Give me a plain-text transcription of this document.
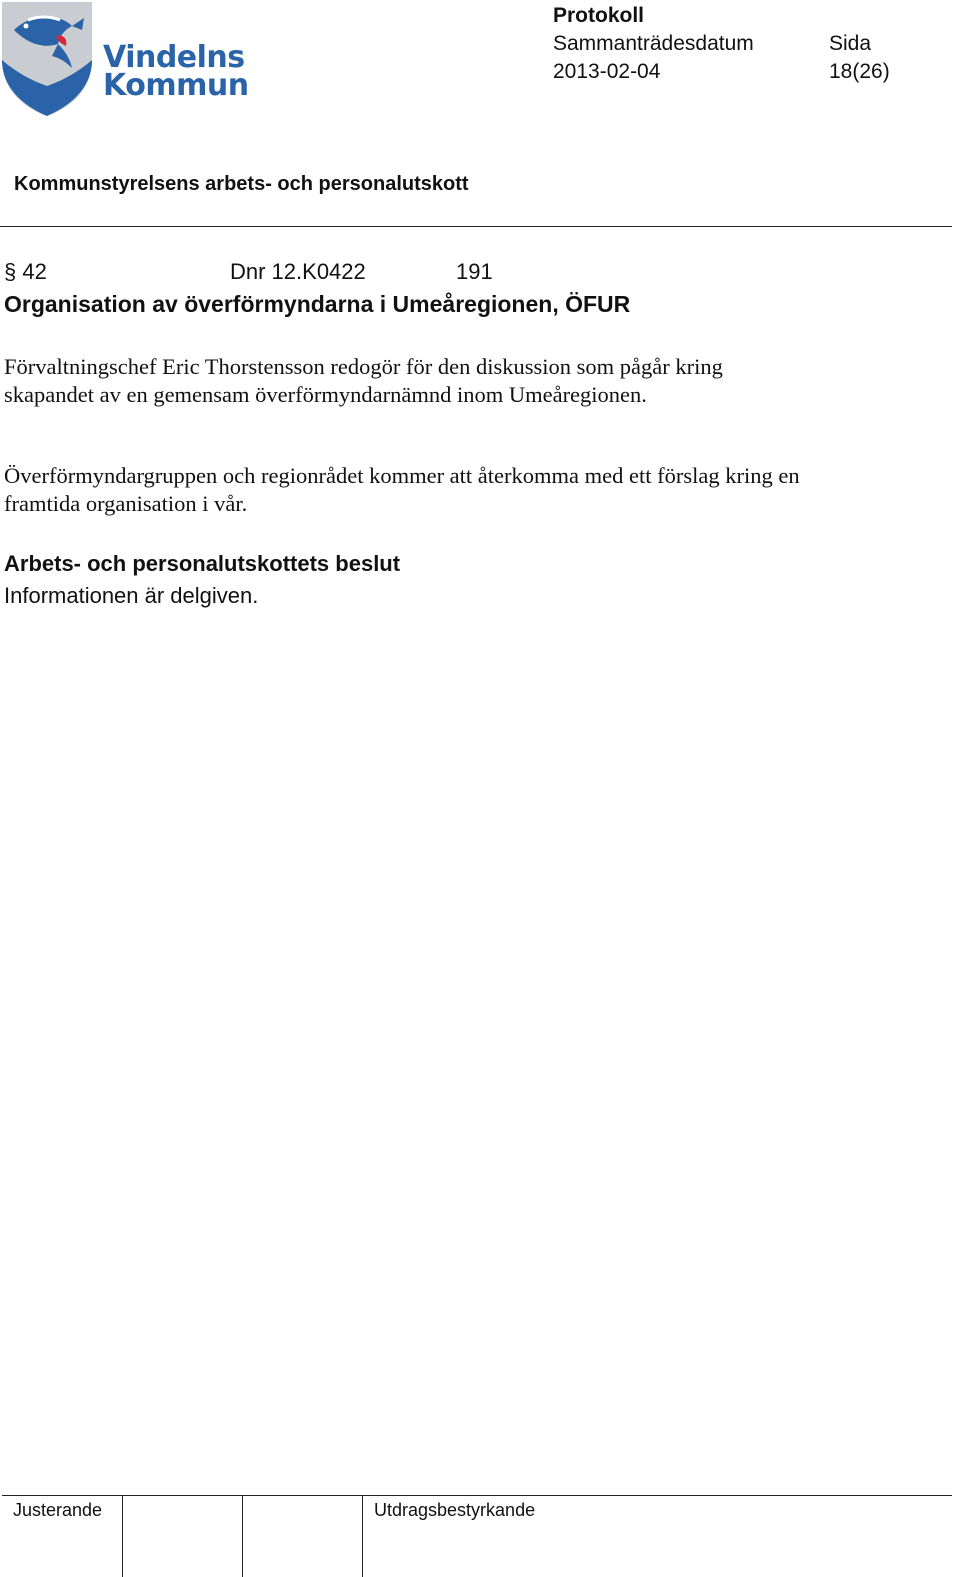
Vindelns
Kommun
Protokoll
Sammanträdesdatum	Sida
2013-02-04	18(26)
Kommunstyrelsens arbets- och personalutskott
§ 42	Dnr 12.K0422	191
Organisation av överförmyndarna i Umeåregionen, ÖFUR
Förvaltningschef Eric Thorstensson redogör för den diskussion som pågår kring skapandet av en gemensam överförmyndarnämnd inom Umeåregionen.
Överförmyndargruppen och regionrådet kommer att återkomma med ett förslag kring en framtida organisation i vår.
Arbets- och personalutskottets beslut
Informationen är delgiven.
Justerande	Utdragsbestyrkande
